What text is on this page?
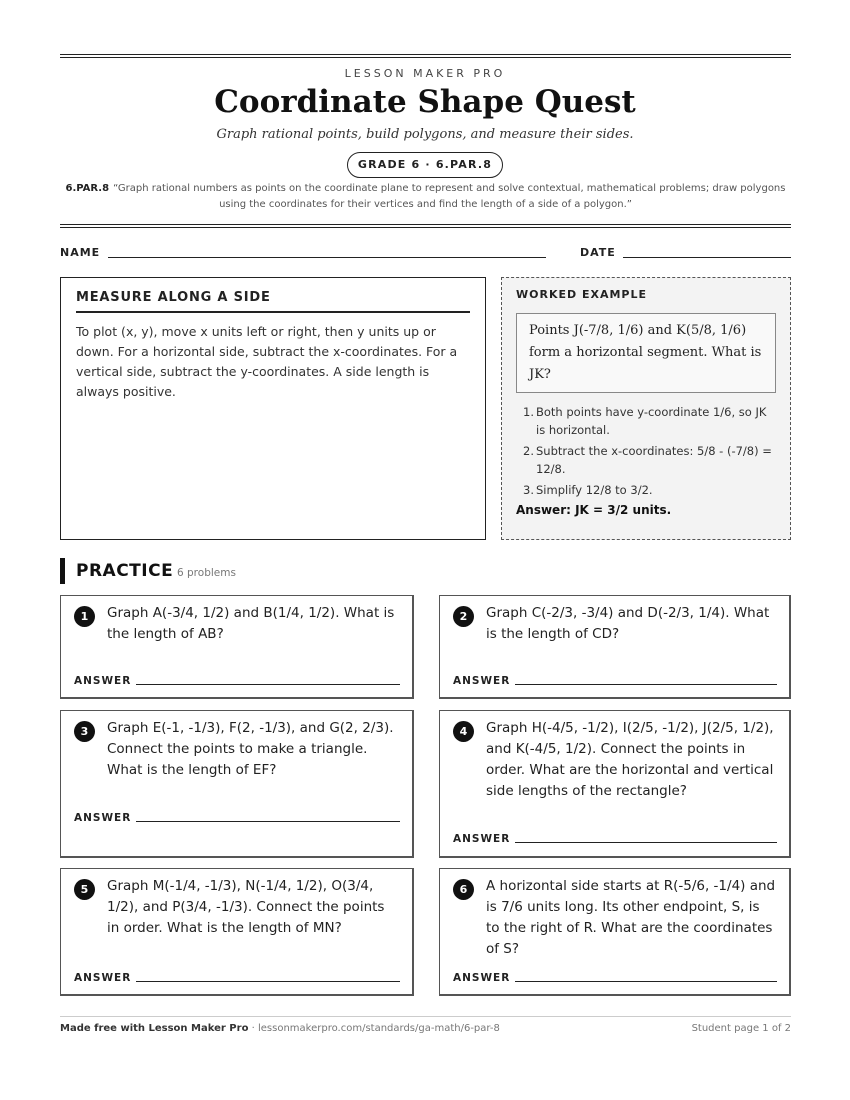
LESSON MAKER PRO
Coordinate Shape Quest
Graph rational points, build polygons, and measure their sides.
GRADE 6 · 6.PAR.8
6.PAR.8 “Graph rational numbers as points on the coordinate plane to represent and solve contextual, mathematical problems; draw polygons using the coordinates for their vertices and find the length of a side of a polygon.”
NAME	DATE
MEASURE ALONG A SIDE

To plot (x, y), move x units left or right, then y units up or down. For a horizontal side, subtract the x-coordinates. For a vertical side, subtract the y-coordinates. A side length is always positive.

WORKED EXAMPLE
Points J(-7/8, 1/6) and K(5/8, 1/6) form a horizontal segment. What is JK?
1. Both points have y-coordinate 1/6, so JK is horizontal.
2. Subtract the x-coordinates: 5/8 - (-7/8) = 12/8.
3. Simplify 12/8 to 3/2.
Answer: JK = 3/2 units.
PRACTICE 6 problems
1	Graph A(-3/4, 1/2) and B(1/4, 1/2). What is the length of AB?
ANSWER
2	Graph C(-2/3, -3/4) and D(-2/3, 1/4). What is the length of CD?
ANSWER
3	Graph E(-1, -1/3), F(2, -1/3), and G(2, 2/3). Connect the points to make a triangle. What is the length of EF?
ANSWER
4	Graph H(-4/5, -1/2), I(2/5, -1/2), J(2/5, 1/2), and K(-4/5, 1/2). Connect the points in order. What are the horizontal and vertical side lengths of the rectangle?
ANSWER
5	Graph M(-1/4, -1/3), N(-1/4, 1/2), O(3/4, 1/2), and P(3/4, -1/3). Connect the points in order. What is the length of MN?
ANSWER
6	A horizontal side starts at R(-5/6, -1/4) and is 7/6 units long. Its other endpoint, S, is to the right of R. What are the coordinates of S?
ANSWER
Made free with Lesson Maker Pro · lessonmakerpro.com/standards/ga-math/6-par-8	Student page 1 of 2
